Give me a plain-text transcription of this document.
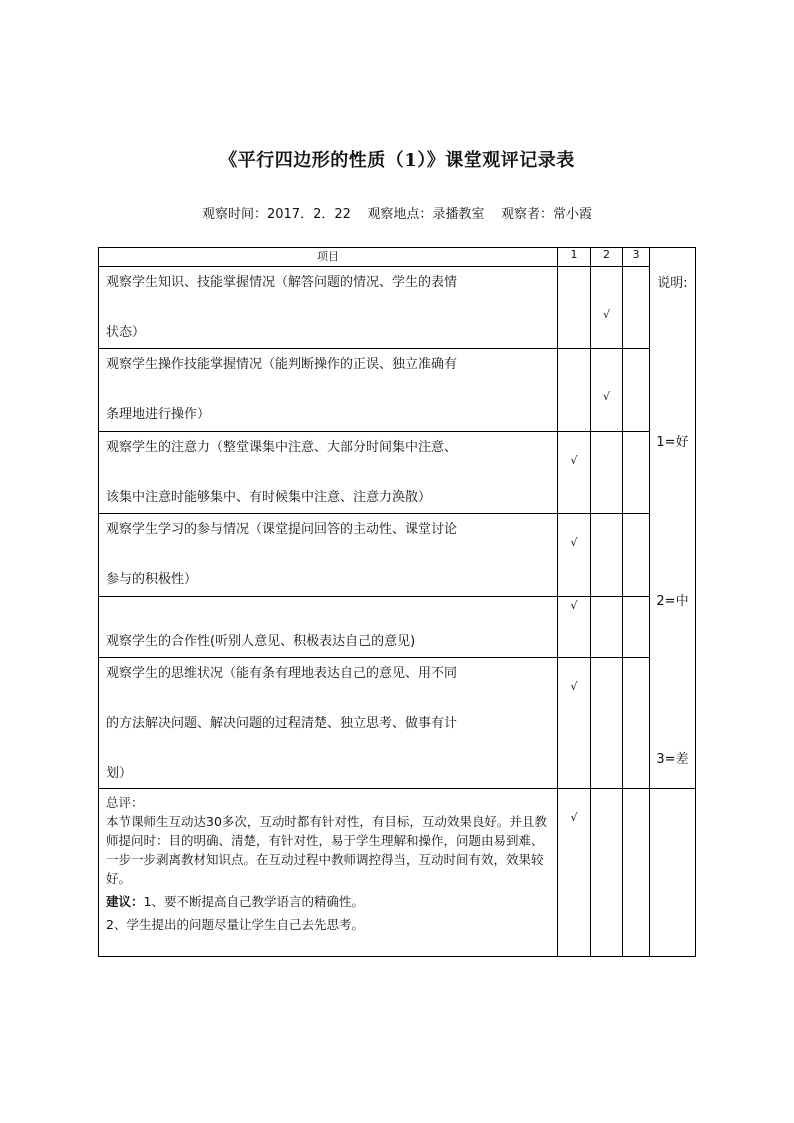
《平行四边形的性质（1）》课堂观评记录表
观察时间：2017．2．22 观察地点：录播教室 观察者：常小霞
项目	1	2	3	说明:
1=好
2=中
3=差

观察学生知识、技能掌握情况（解答问题的情况、学生的表情
状态）		√		

观察学生操作技能掌握情况（能判断操作的正误、独立准确有
条理地进行操作）		√		

观察学生的注意力（整堂课集中注意、大部分时间集中注意、
该集中注意时能够集中、有时候集中注意、注意力涣散）	√			

观察学生学习的参与情况（课堂提问回答的主动性、课堂讨论
参与的积极性）	√			

观察学生的合作性(听别人意见、积极表达自己的意见)	√			

观察学生的思维状况（能有条有理地表达自己的意见、用不同
的方法解决问题、解决问题的过程清楚、独立思考、做事有计
划）	√			

总评：

本节课师生互动达30多次，互动时都有针对性，有目标，互动效果良好。并且教师提问时：目的明确、清楚，有针对性，易于学生理解和操作，问题由易到难、一步一步剥离教材知识点。在互动过程中教师调控得当，互动时间有效，效果较好。

建议：1、要不断提高自己教学语言的精确性。

2、学生提出的问题尽量让学生自己去先思考。	√			
